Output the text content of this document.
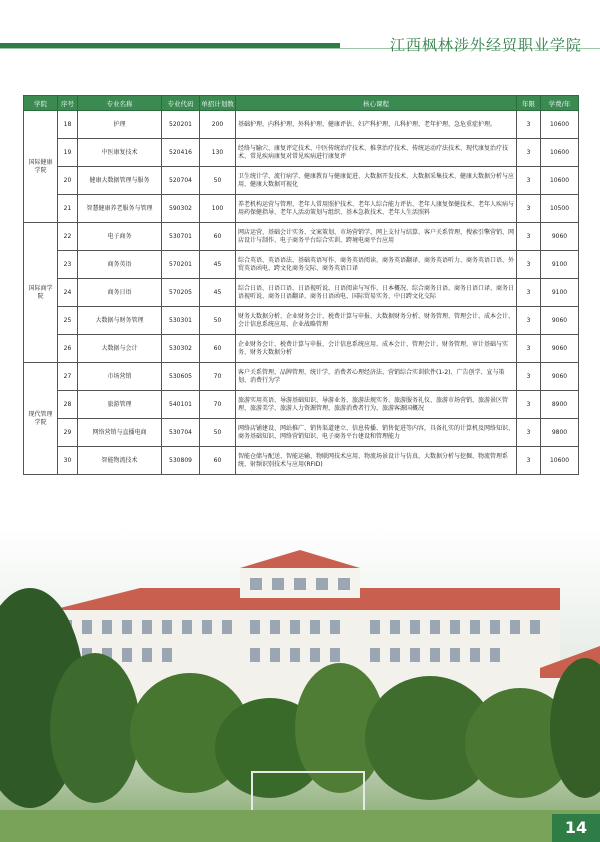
江西枫林涉外经贸职业学院
学院	序号	专业名称	专业代码	单招计划数	核心课程	年限	学费/年
国际健康学院	18	护理	520201	200	基础护理、内科护理、外科护理、健康评估、妇产科护理、儿科护理、老年护理、急危重症护理。	3	10600
	19	中医康复技术	520416	130	经络与腧穴、康复评定技术、中医传统治疗技术、推拿治疗技术、传统运动疗法技术、现代康复治疗技术、常见疾病康复对常见疾病进行康复评	3	10600
	20	健康大数据管理与服务	520704	50	卫生统计学、流行病学、健康教育与健康促进、大数据开发技术、大数据采集技术、健康大数据分析与应用、健康大数据可视化	3	10600
	21	智慧健康养老服务与管理	590302	100	养老机构运营与管理、老年人常用照护技术、老年人综合能力评估、老年人康复保健技术、老年人疾病与用药保健指导、老年人活动策划与组织、基本急救技术、老年人生活照料	3	10500
国际商学院	22	电子商务	530701	60	网店运营、基础会计实务、文案策划、市场营销学、网上支付与结算、客户关系管理、搜索引擎营销、网店设计与制作、电子商务平台综合实训、跨境电商平台应用	3	9060
	23	商务英语	570201	45	综合英语、英语语法、基础英语写作、商务英语阅读、商务英语翻译、商务英语听力、商务英语口语、外贸英语函电、跨文化商务交际、商务英语口译	3	9100
	24	商务日语	570205	45	综合日语、日语口语、日语视听说、日语阅读与写作、日本概况、综合商务日语、商务日语口译、商务日语视听说、商务日语翻译、商务日语函电、国际贸易实务、中日跨文化交际	3	9100
	25	大数据与财务管理	530301	50	财务大数据分析、企业财务会计、税费计算与申报、大数据财务分析、财务管理、管理会计、成本会计、会计信息系统应用、企业战略管理	3	9060
	26	大数据与会计	530302	60	企业财务会计、税费计算与申报、会计信息系统应用、成本会计、管理会计、财务管理、审计基础与实务、财务大数据分析	3	9060
现代管理学院	27	市场营销	530605	70	客户关系管理、品牌管理、统计学、消费者心理经济法、营销综合实训软件(1-2)、广告创学、宣与策划、消费行为学	3	9060
	28	旅游管理	540101	70	旅游实用英语、导游基础知识、导游业务、旅游法规实务、旅游服务礼仪、旅游市场营销、旅游景区管理、旅游美学、旅游人力资源管理、旅游消费者行为、旅游客源国概况	3	8900
	29	网络营销与直播电商	530704	50	网络店铺建设、网站推广、销售渠道建立、信息传播、销售促进等内容，具备扎实的计算机及网络知识、商务基础知识、网络营销知识、电子商务平台建设和管理能力	3	9800
	30	智能物流技术	530809	60	智能仓储与配送、智能运输、物联网技术应用、物流场景设计与仿真、大数据分析与挖掘、物流管理系统、射频识别技术与应用(RFID)	3	10600
14
